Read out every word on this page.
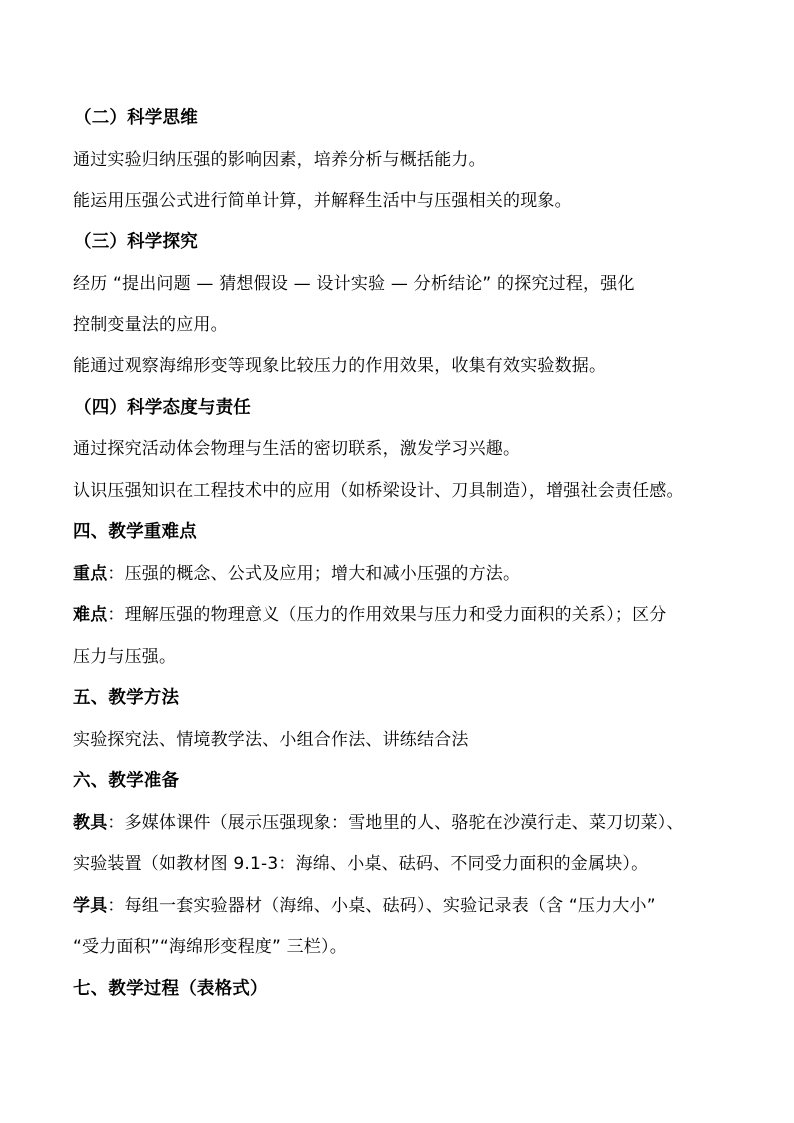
（二）科学思维
通过实验归纳压强的影响因素，培养分析与概括能力。
能运用压强公式进行简单计算，并解释生活中与压强相关的现象。
（三）科学探究
经历 “提出问题 — 猜想假设 — 设计实验 — 分析结论” 的探究过程，强化
控制变量法的应用。
能通过观察海绵形变等现象比较压力的作用效果，收集有效实验数据。
（四）科学态度与责任
通过探究活动体会物理与生活的密切联系，激发学习兴趣。
认识压强知识在工程技术中的应用（如桥梁设计、刀具制造），增强社会责任感。
四、教学重难点
重点：压强的概念、公式及应用；增大和减小压强的方法。
难点：理解压强的物理意义（压力的作用效果与压力和受力面积的关系）；区分
压力与压强。
五、教学方法
实验探究法、情境教学法、小组合作法、讲练结合法
六、教学准备
教具：多媒体课件（展示压强现象：雪地里的人、骆驼在沙漠行走、菜刀切菜）、
实验装置（如教材图 9.1-3：海绵、小桌、砝码、不同受力面积的金属块）。
学具：每组一套实验器材（海绵、小桌、砝码）、实验记录表（含 “压力大小”
“受力面积”“海绵形变程度” 三栏）。
七、教学过程（表格式）
